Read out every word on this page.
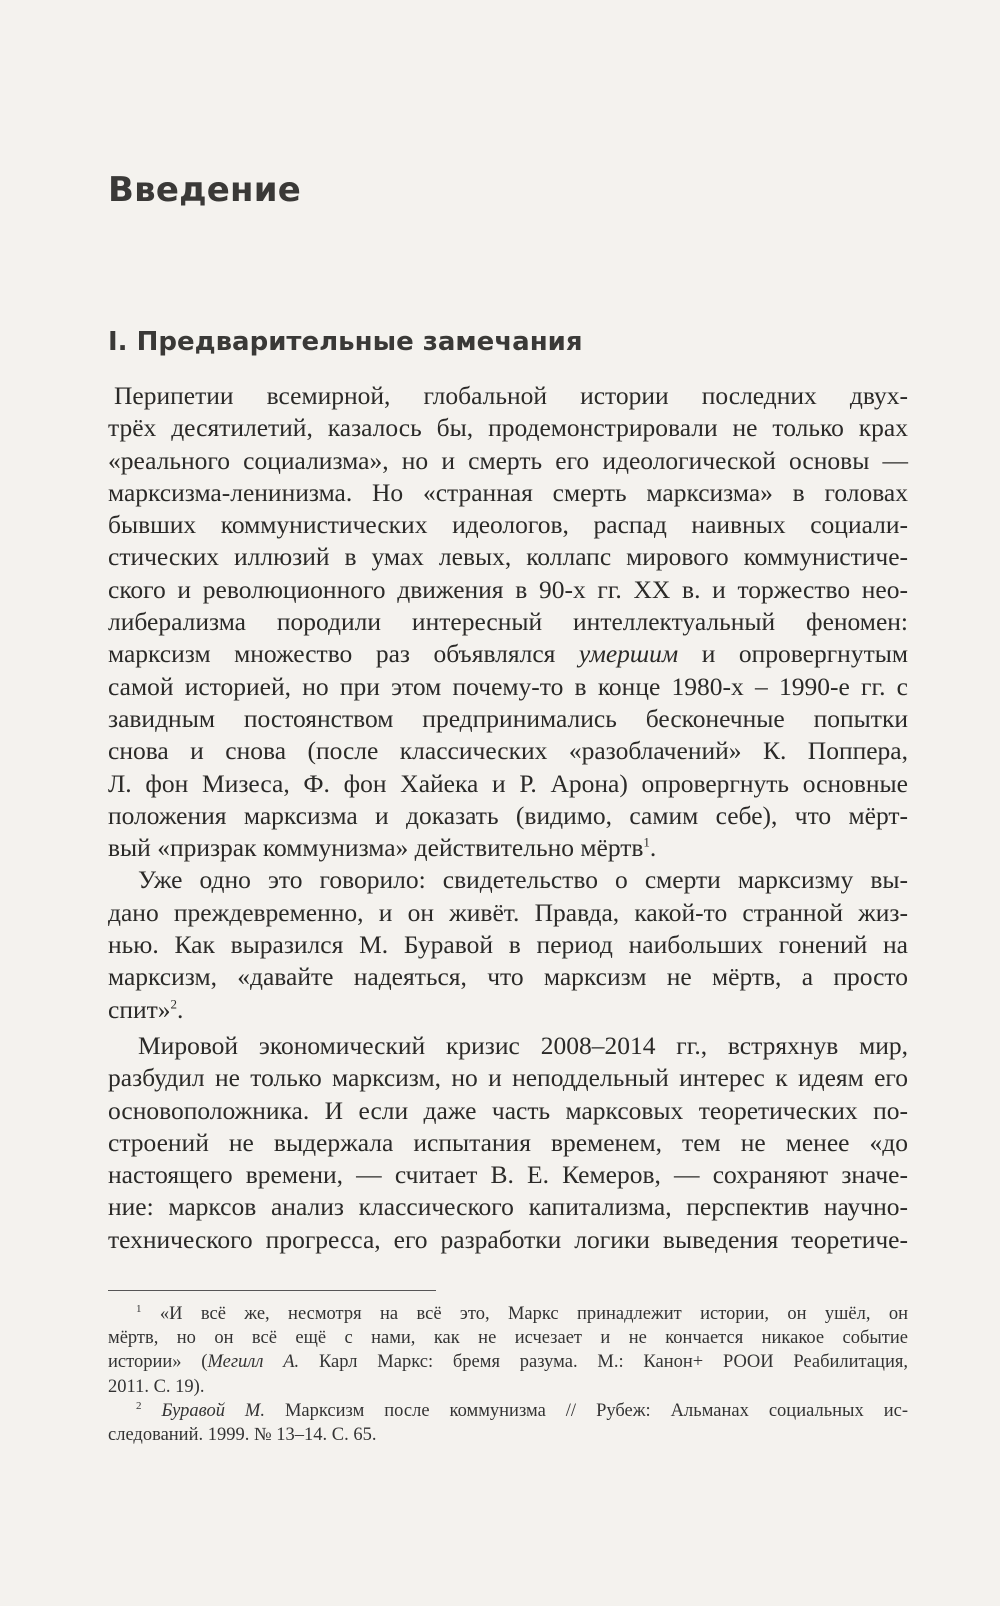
Введение
I. Предварительные замечания
Перипетии всемирной, глобальной истории последних двух-
трёх десятилетий, казалось бы, продемонстрировали не только крах
«реального социализма», но и смерть его идеологической основы —
марксизма-ленинизма. Но «странная смерть марксизма» в головах
бывших коммунистических идеологов, распад наивных социали-
стических иллюзий в умах левых, коллапс мирового коммунистиче-
ского и революционного движения в 90-х гг. XX в. и торжество нео-
либерализма породили интересный интеллектуальный феномен:
марксизм множество раз объявлялся умершим и опровергнутым
самой историей, но при этом почему-то в конце 1980-х – 1990-е гг. с
завидным постоянством предпринимались бесконечные попытки
снова и снова (после классических «разоблачений» К. Поппера,
Л. фон Мизеса, Ф. фон Хайека и Р. Арона) опровергнуть основные
положения марксизма и доказать (видимо, самим себе), что мёрт-
вый «призрак коммунизма» действительно мёртв$^1$.
Уже одно это говорило: свидетельство о смерти марксизму вы-
дано преждевременно, и он живёт. Правда, какой-то странной жиз-
нью. Как выразился М. Буравой в период наибольших гонений на
марксизм, «давайте надеяться, что марксизм не мёртв, а просто
спит»$^2$.
Мировой экономический кризис 2008–2014 гг., встряхнув мир,
разбудил не только марксизм, но и неподдельный интерес к идеям его
основоположника. И если даже часть марксовых теоретических по-
строений не выдержала испытания временем, тем не менее «до
настоящего времени, — считает В. Е. Кемеров, — сохраняют значе-
ние: марксов анализ классического капитализма, перспектив научно-
технического прогресса, его разработки логики выведения теоретиче-
$^1$ «И всё же, несмотря на всё это, Маркс принадлежит истории, он ушёл, он
мёртв, но он всё ещё с нами, как не исчезает и не кончается никакое событие
истории» (Мегилл А. Карл Маркс: бремя разума. М.: Канон+ РООИ Реабилитация,
2011. С. 19).
$^2$ Буравой М. Марксизм после коммунизма // Рубеж: Альманах социальных ис-
следований. 1999. № 13–14. С. 65.
